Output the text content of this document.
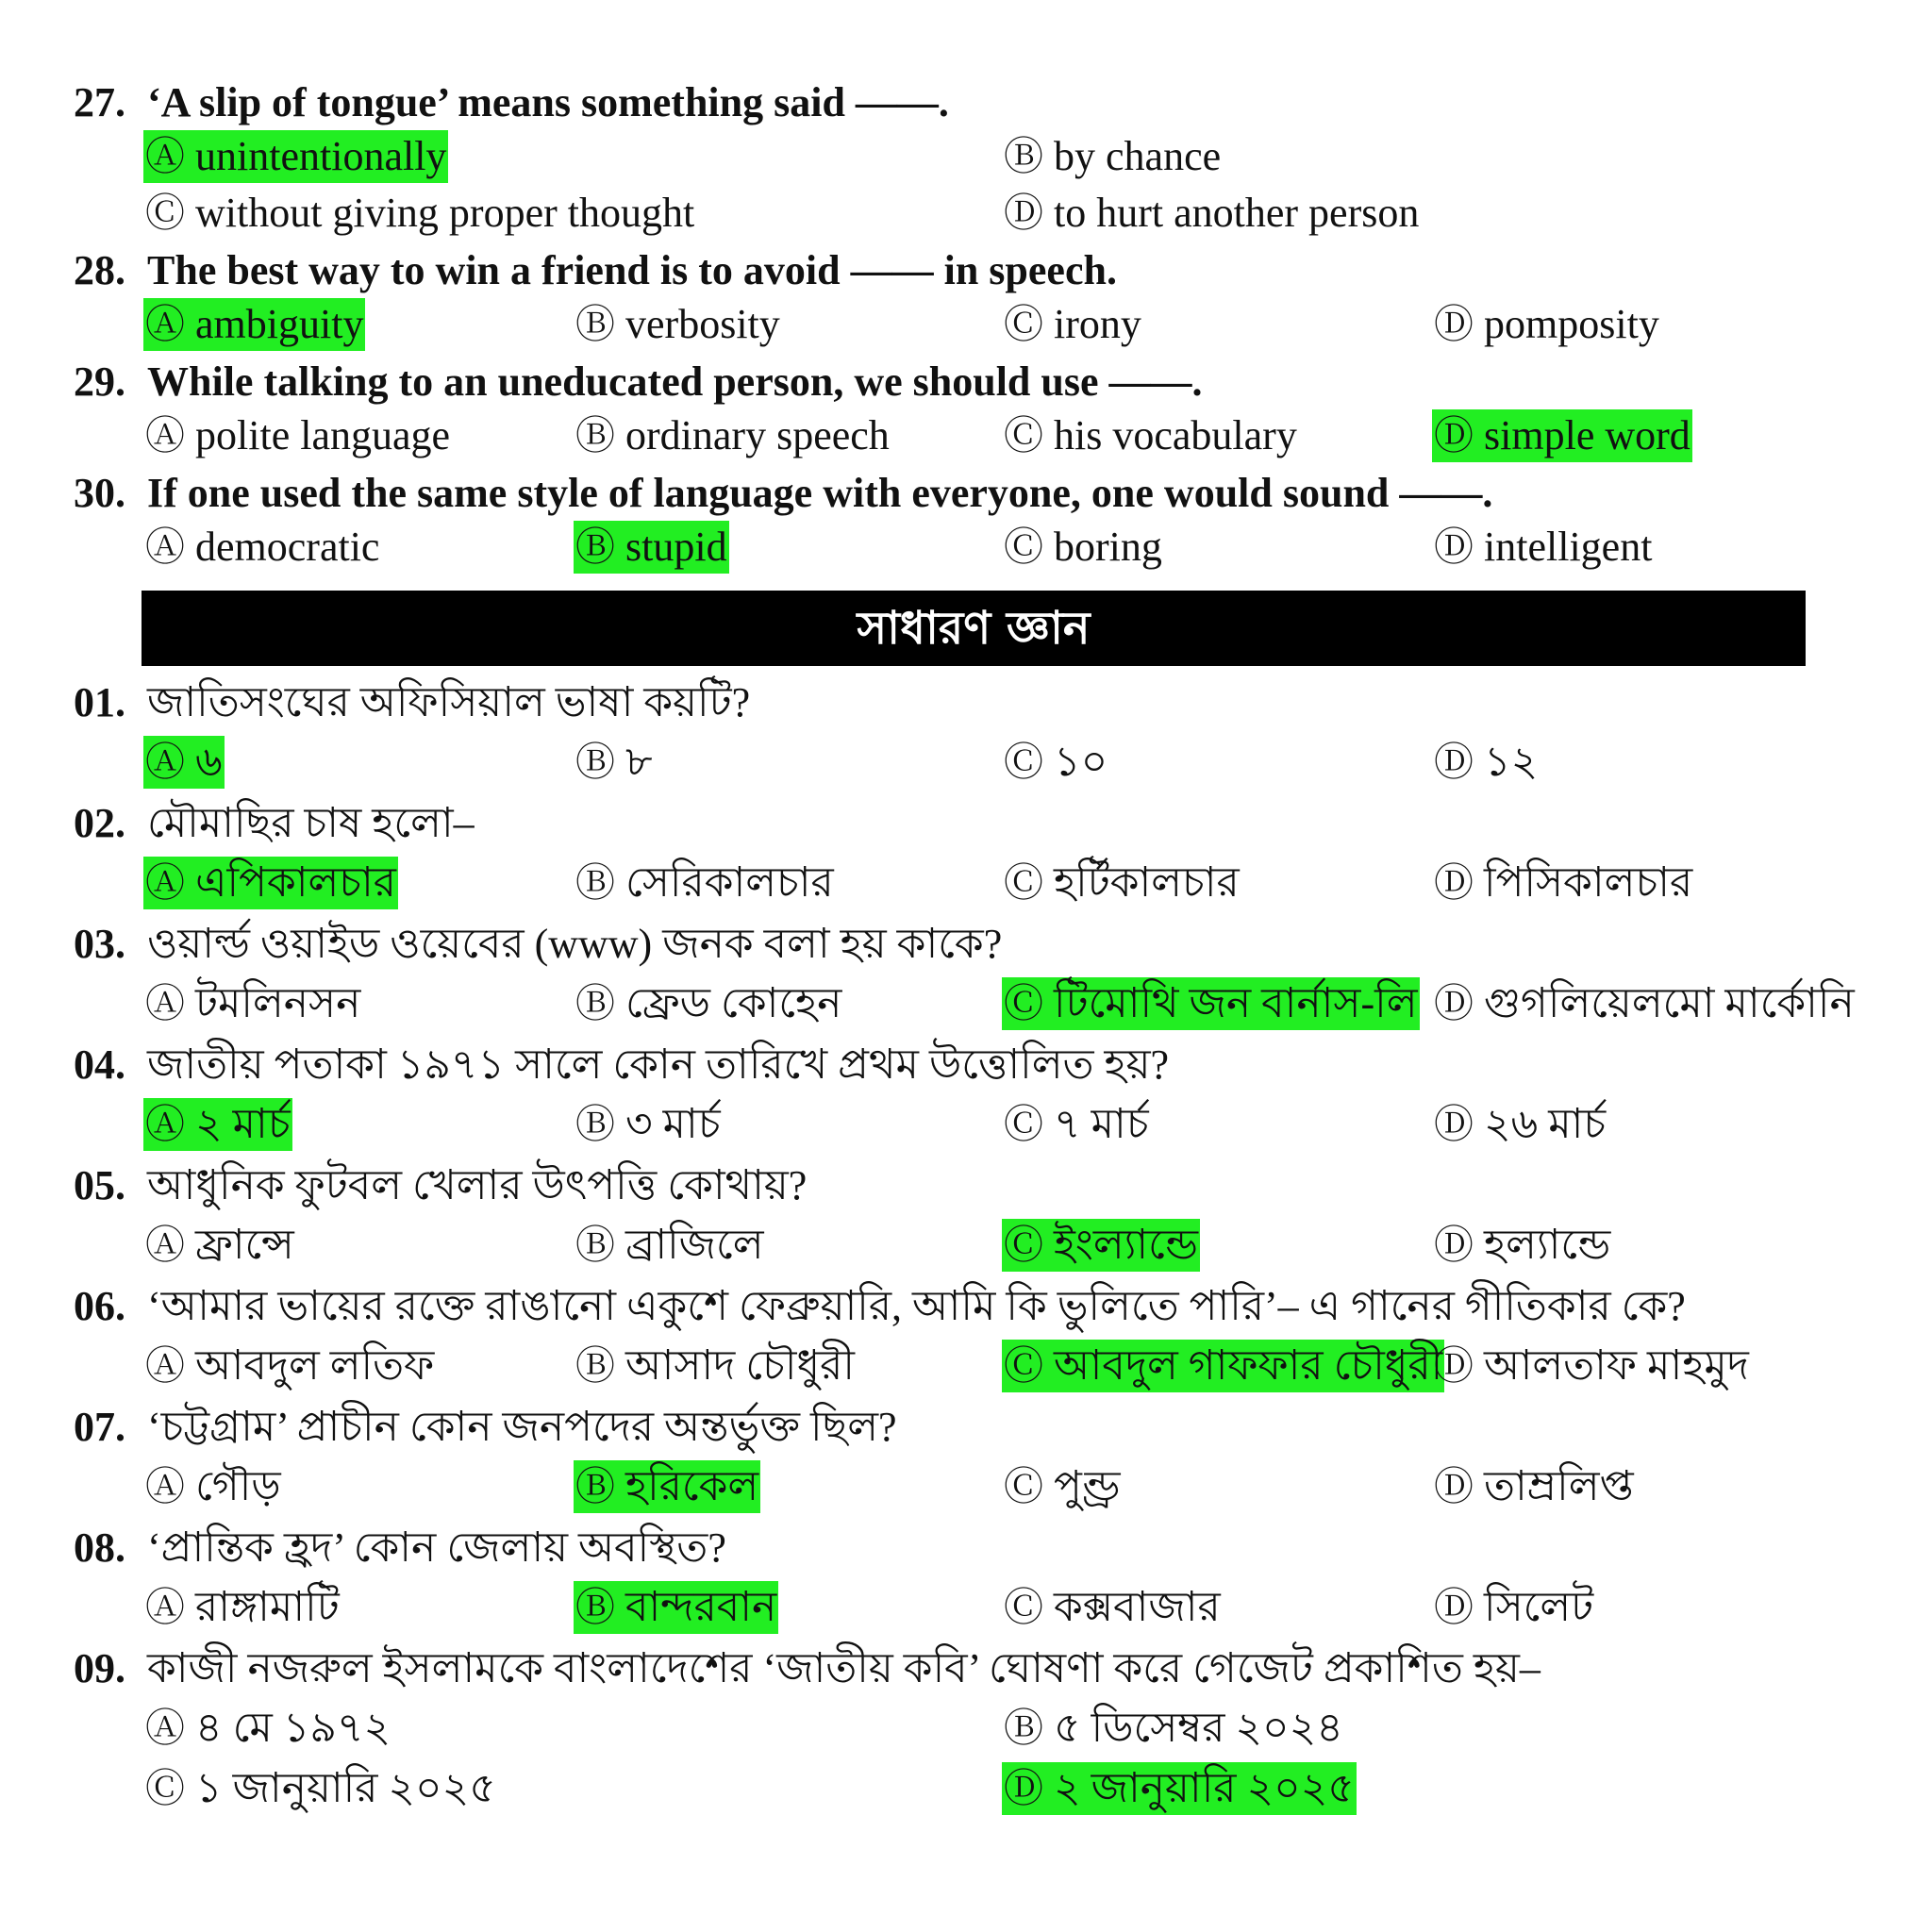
27. ‘A slip of tongue’ means something said ——.
Ⓐ unintentionally	Ⓑ by chance
Ⓒ without giving proper thought	Ⓓ to hurt another person
28. The best way to win a friend is to avoid —— in speech.
Ⓐ ambiguity	Ⓑ verbosity	Ⓒ irony	Ⓓ pomposity
29. While talking to an uneducated person, we should use ——.
Ⓐ polite language	Ⓑ ordinary speech	Ⓒ his vocabulary	Ⓓ simple word
30. If one used the same style of language with everyone, one would sound ——.
Ⓐ democratic	Ⓑ stupid	Ⓒ boring	Ⓓ intelligent
সাধারণ জ্ঞান
01. জাতিসংঘের অফিসিয়াল ভাষা কয়টি?
Ⓐ ৬	Ⓑ ৮	Ⓒ ১০	Ⓓ ১২
02. মৌমাছির চাষ হলো–
Ⓐ এপিকালচার	Ⓑ সেরিকালচার	Ⓒ হর্টিকালচার	Ⓓ পিসিকালচার
03. ওয়ার্ল্ড ওয়াইড ওয়েবের (www) জনক বলা হয় কাকে?
Ⓐ টমলিনসন	Ⓑ ফ্রেড কোহেন	Ⓒ টিমোথি জন বার্নাস-লি Ⓓ গুগলিয়েলমো মার্কোনি
04. জাতীয় পতাকা ১৯৭১ সালে কোন তারিখে প্রথম উত্তোলিত হয়?
Ⓐ ২ মার্চ	Ⓑ ৩ মার্চ	Ⓒ ৭ মার্চ	Ⓓ ২৬ মার্চ
05. আধুনিক ফুটবল খেলার উৎপত্তি কোথায়?
Ⓐ ফ্রান্সে	Ⓑ ব্রাজিলে	Ⓒ ইংল্যান্ডে	Ⓓ হল্যান্ডে
06. ‘আমার ভায়ের রক্তে রাঙানো একুশে ফেব্রুয়ারি, আমি কি ভুলিতে পারি’– এ গানের গীতিকার কে?
Ⓐ আবদুল লতিফ	Ⓑ আসাদ চৌধুরী	Ⓒ আবদুল গাফফার চৌধুরী
Ⓓ আলতাফ মাহমুদ
07. ‘চট্টগ্রাম’ প্রাচীন কোন জনপদের অন্তর্ভুক্ত ছিল?
Ⓐ গৌড়	Ⓑ হরিকেল	Ⓒ পুণ্ড্র	Ⓓ তাম্রলিপ্ত
08. ‘প্রান্তিক হ্রদ’ কোন জেলায় অবস্থিত?
Ⓐ রাঙ্গামাটি	Ⓑ বান্দরবান	Ⓒ কক্সবাজার	Ⓓ সিলেট
09. কাজী নজরুল ইসলামকে বাংলাদেশের ‘জাতীয় কবি’ ঘোষণা করে গেজেট প্রকাশিত হয়–
Ⓐ ৪ মে ১৯৭২	Ⓑ ৫ ডিসেম্বর ২০২৪
Ⓒ ১ জানুয়ারি ২০২৫	Ⓓ ২ জানুয়ারি ২০২৫
